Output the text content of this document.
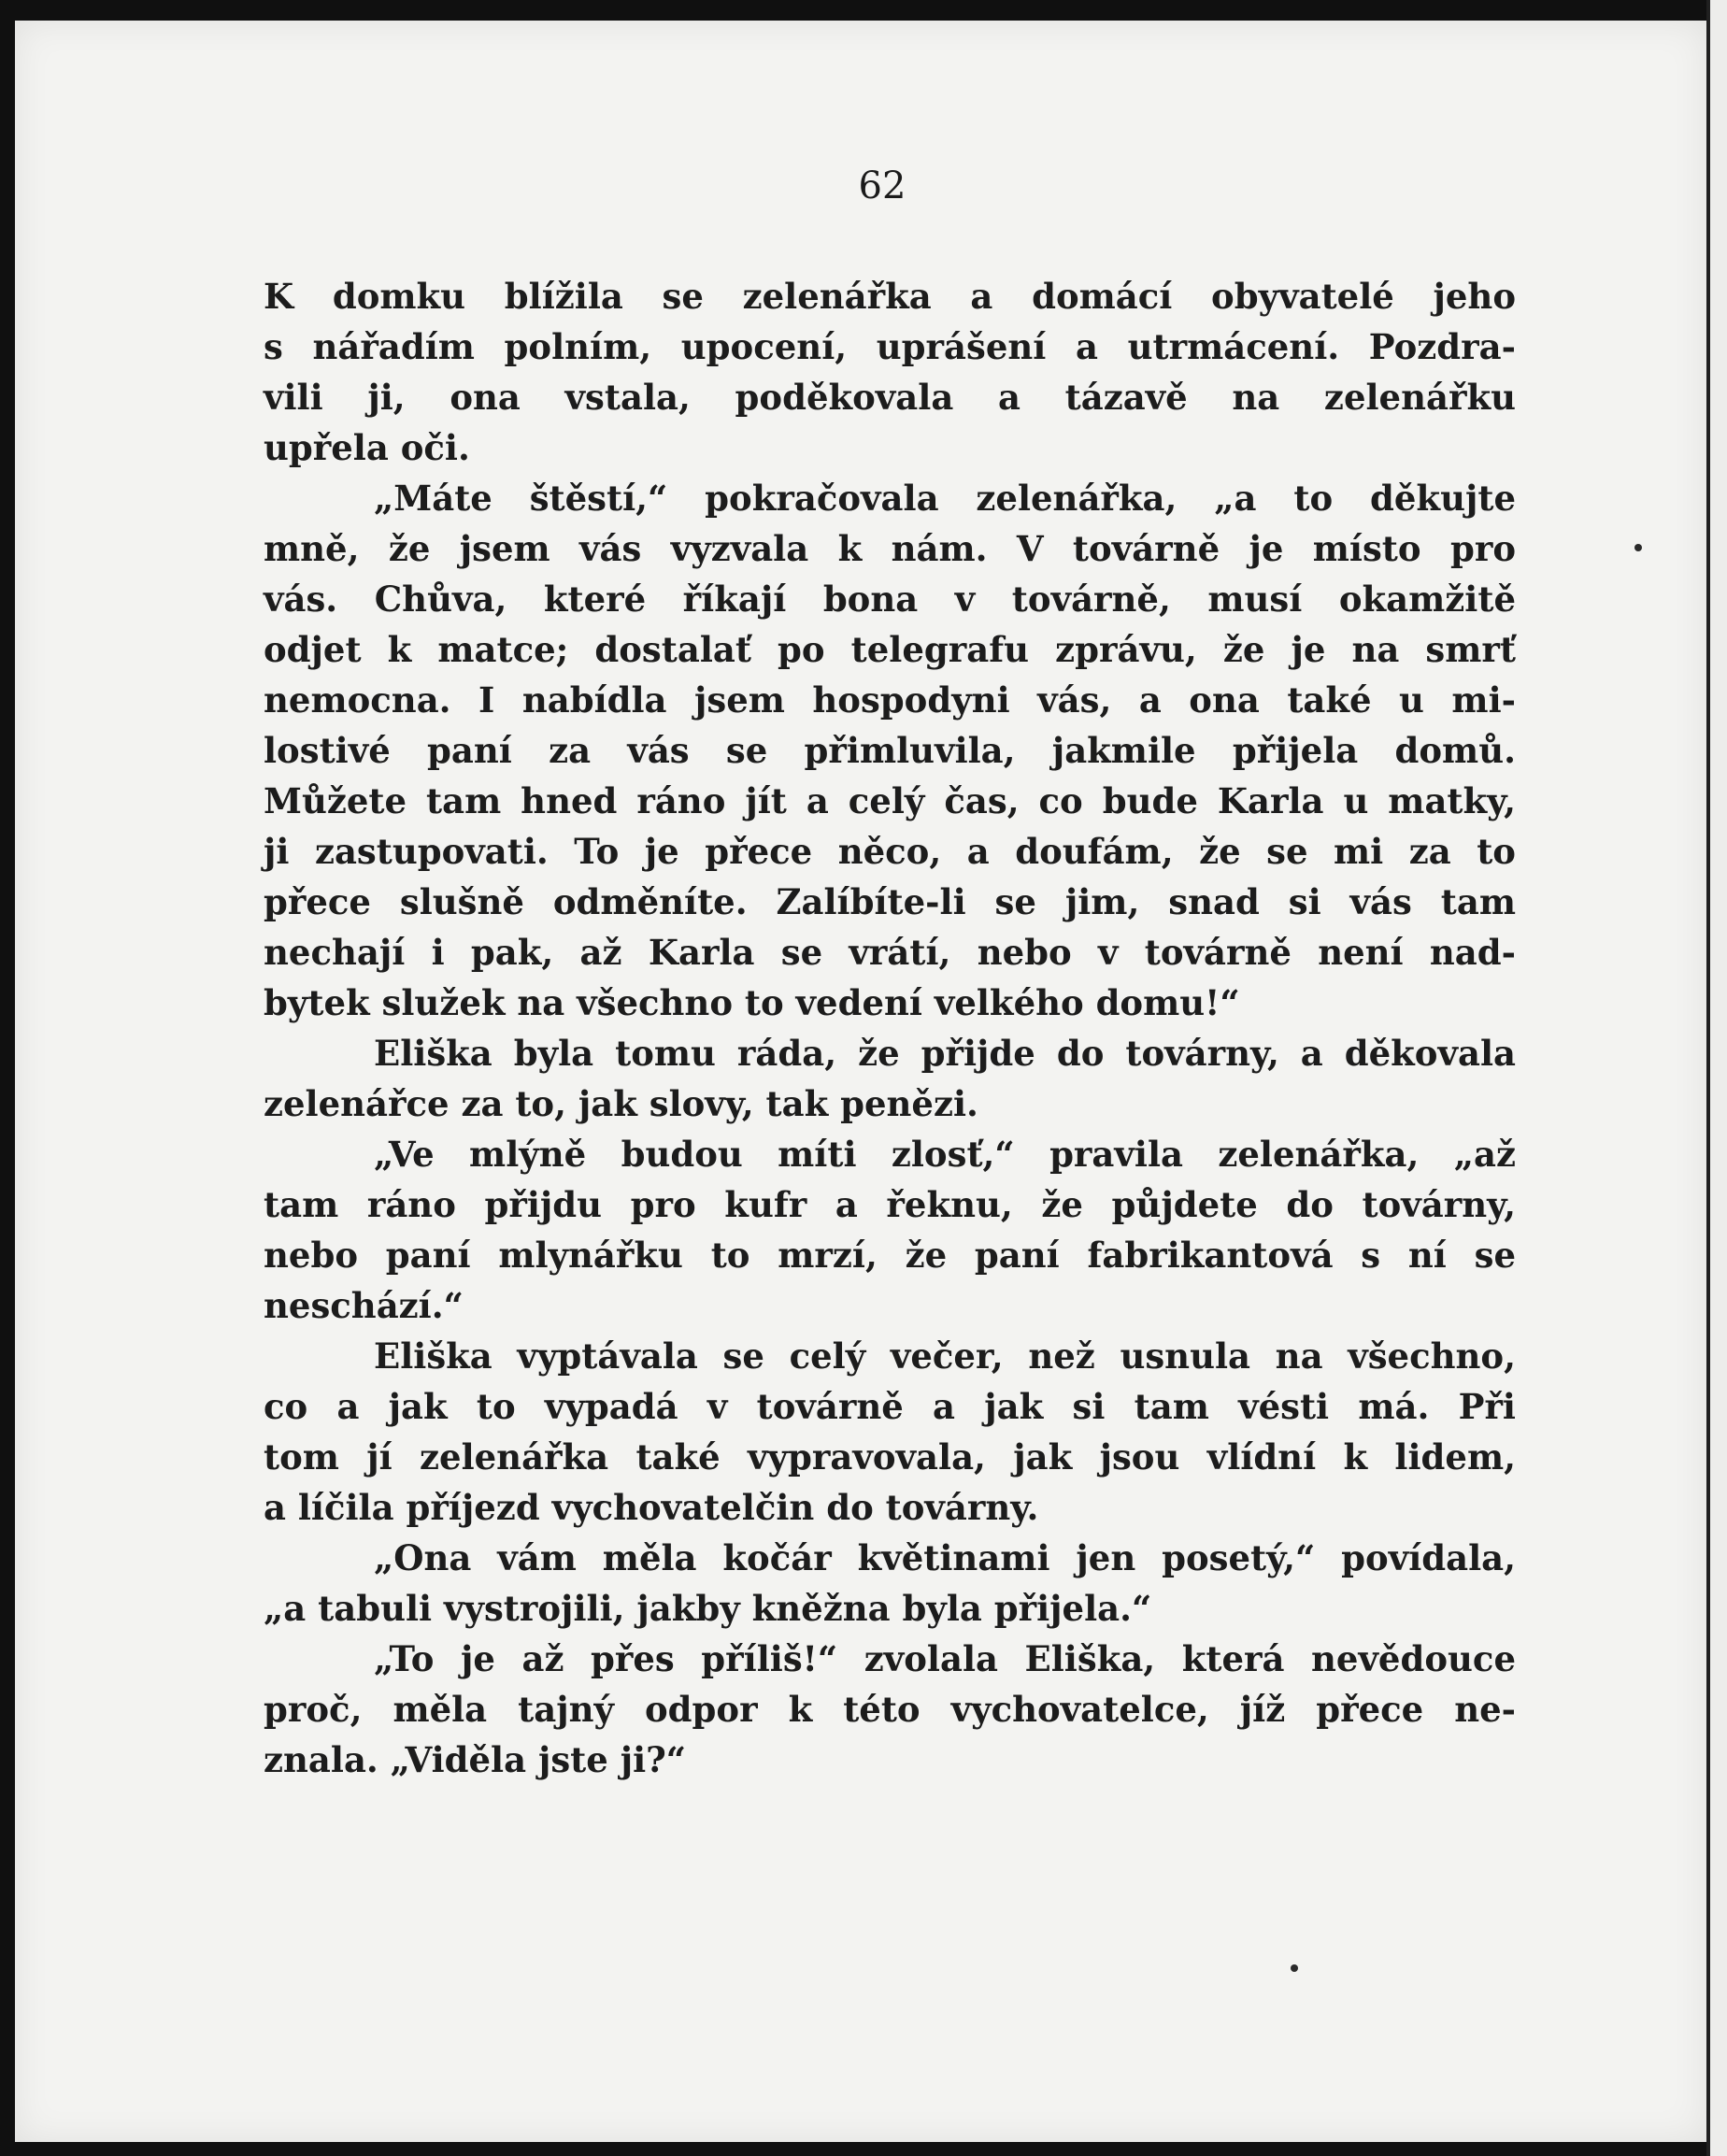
62
K domku blížila se zelenářka a domácí obyvatelé jeho
s nářadím polním, upocení, uprášení a utrmácení. Pozdra-
vili ji, ona vstala, poděkovala a tázavě na zelenářku
upřela oči.
„Máte štěstí,“ pokračovala zelenářka, „a to děkujte
mně, že jsem vás vyzvala k nám. V továrně je místo pro
vás. Chůva, které říkají bona v továrně, musí okamžitě
odjet k matce; dostalať po telegrafu zprávu, že je na smrť
nemocna. I nabídla jsem hospodyni vás, a ona také u mi-
lostivé paní za vás se přimluvila, jakmile přijela domů.
Můžete tam hned ráno jít a celý čas, co bude Karla u matky,
ji zastupovati. To je přece něco, a doufám, že se mi za to
přece slušně odměníte. Zalíbíte-li se jim, snad si vás tam
nechají i pak, až Karla se vrátí, nebo v továrně není nad-
bytek služek na všechno to vedení velkého domu!“
Eliška byla tomu ráda, že přijde do továrny, a děkovala
zelenářce za to, jak slovy, tak penězi.
„Ve mlýně budou míti zlosť,“ pravila zelenářka, „až
tam ráno přijdu pro kufr a řeknu, že půjdete do továrny,
nebo paní mlynářku to mrzí, že paní fabrikantová s ní se
neschází.“
Eliška vyptávala se celý večer, než usnula na všechno,
co a jak to vypadá v továrně a jak si tam vésti má. Při
tom jí zelenářka také vypravovala, jak jsou vlídní k lidem,
a líčila příjezd vychovatelčin do továrny.
„Ona vám měla kočár květinami jen posetý,“ povídala,
„a tabuli vystrojili, jakby kněžna byla přijela.“
„To je až přes příliš!“ zvolala Eliška, která nevědouce
proč, měla tajný odpor k této vychovatelce, jíž přece ne-
znala. „Viděla jste ji?“
